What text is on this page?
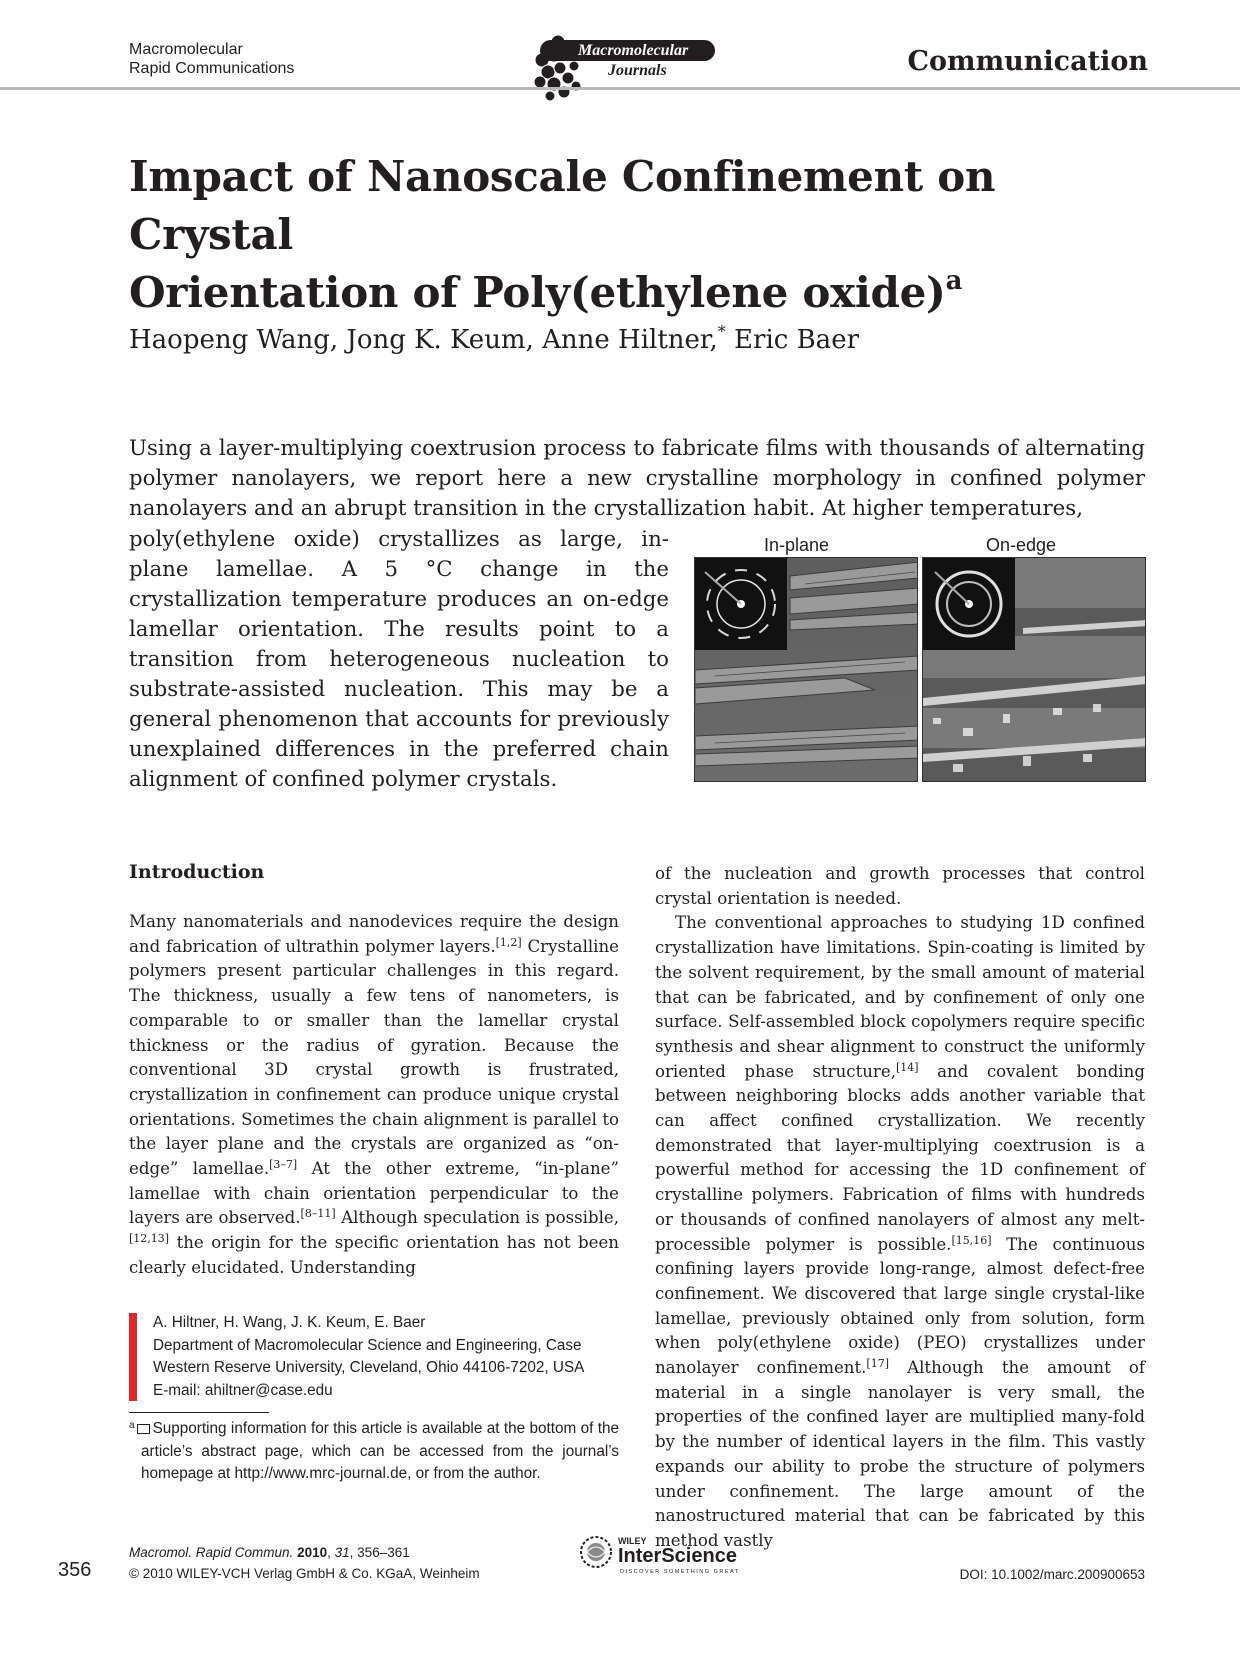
Macromolecular
Rapid Communications
Macromolecular
Journals	Communication
Impact of Nanoscale Confinement on Crystal
Orientation of Poly(ethylene oxide)$^a$
Haopeng Wang, Jong K. Keum, Anne Hiltner,* Eric Baer

Using a layer-multiplying coextrusion process to fabricate films with thousands of alternating polymer nanolayers, we report here a new crystalline morphology in confined polymer nanolayers and an abrupt transition in the crystallization habit. At higher temperatures,

poly(ethylene oxide) crystallizes as large, in-plane lamellae. A 5 °C change in the crystallization temperature produces an on-edge lamellar orientation. The results point to a transition from heterogeneous nucleation to substrate-assisted nucleation. This may be a general phenomenon that accounts for previously unexplained differences in the preferred chain alignment of confined polymer crystals.

In-plane	On-edge
Introduction

Many nanomaterials and nanodevices require the design and fabrication of ultrathin polymer layers.[1,2] Crystalline polymers present particular challenges in this regard. The thickness, usually a few tens of nanometers, is comparable to or smaller than the lamellar crystal thickness or the radius of gyration. Because the conventional 3D crystal growth is frustrated, crystallization in confinement can produce unique crystal orientations. Sometimes the chain alignment is parallel to the layer plane and the crystals are organized as “on-edge” lamellae.[3–7] At the other extreme, “in-plane” lamellae with chain orientation perpendicular to the layers are observed.[8–11] Although speculation is possible,[12,13] the origin for the specific orientation has not been clearly elucidated. Understanding

of the nucleation and growth processes that control crystal orientation is needed.

The conventional approaches to studying 1D confined crystallization have limitations. Spin-coating is limited by the solvent requirement, by the small amount of material that can be fabricated, and by confinement of only one surface. Self-assembled block copolymers require specific synthesis and shear alignment to construct the uniformly oriented phase structure,[14] and covalent bonding between neighboring blocks adds another variable that can affect confined crystallization. We recently demonstrated that layer-multiplying coextrusion is a powerful method for accessing the 1D confinement of crystalline polymers. Fabrication of films with hundreds or thousands of confined nanolayers of almost any melt-processible polymer is possible.[15,16] The continuous confining layers provide long-range, almost defect-free confinement. We discovered that large single crystal-like lamellae, previously obtained only from solution, form when poly(ethylene oxide) (PEO) crystallizes under nanolayer confinement.[17] Although the amount of material in a single nanolayer is very small, the properties of the confined layer are multiplied many-fold by the number of identical layers in the film. This vastly expands our ability to probe the structure of polymers under confinement. The large amount of the nanostructured material that can be fabricated by this method vastly

A. Hiltner, H. Wang, J. K. Keum, E. Baer
Department of Macromolecular Science and Engineering, Case Western Reserve University, Cleveland, Ohio 44106-7202, USA
E-mail: ahiltner@case.edu

$^a$ Supporting information for this article is available at the bottom of the article’s abstract page, which can be accessed from the journal’s homepage at http://www.mrc-journal.de, or from the author.

356
Macromol. Rapid Commun. 2010, 31, 356–361
© 2010 WILEY-VCH Verlag GmbH & Co. KGaA, Weinheim
WILEY
InterScience
DISCOVER SOMETHING GREAT	DOI: 10.1002/marc.200900653
